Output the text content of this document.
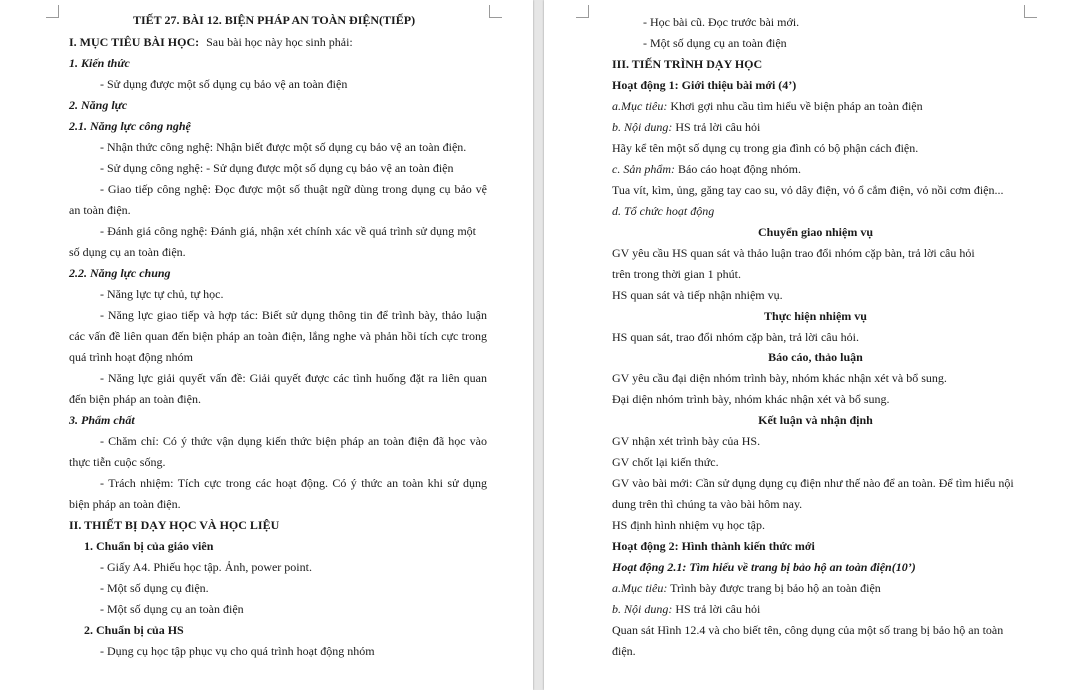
TIẾT 27. BÀI 12. BIỆN PHÁP AN TOÀN ĐIỆN(TIẾP)
I. MỤC TIÊU BÀI HỌC: Sau bài học này học sinh phải:
1. Kiến thức
- Sử dụng được một số dụng cụ bảo vệ an toàn điện
2. Năng lực
2.1. Năng lực công nghệ
- Nhận thức công nghệ: Nhận biết được một số dụng cụ bảo vệ an toàn điện.
- Sử dụng công nghệ: - Sử dụng được một số dụng cụ bảo vệ an toàn điện
- Giao tiếp công nghệ: Đọc được một số thuật ngữ dùng trong dụng cụ bảo vệ
an toàn điện.
- Đánh giá công nghệ: Đánh giá, nhận xét chính xác về quá trình sử dụng một
số dụng cụ an toàn điện.
2.2. Năng lực chung
- Năng lực tự chủ, tự học.
- Năng lực giao tiếp và hợp tác: Biết sử dụng thông tin để trình bày, thảo luận
các vấn đề liên quan đến biện pháp an toàn điện, lắng nghe và phản hồi tích cực trong
quá trình hoạt động nhóm
- Năng lực giải quyết vấn đề: Giải quyết được các tình huống đặt ra liên quan
đến biện pháp an toàn điện.
3. Phẩm chất
- Chăm chỉ: Có ý thức vận dụng kiến thức biện pháp an toàn điện đã học vào
thực tiễn cuộc sống.
- Trách nhiệm: Tích cực trong các hoạt động. Có ý thức an toàn khi sử dụng
biện pháp an toàn điện.
II. THIẾT BỊ DẠY HỌC VÀ HỌC LIỆU
1. Chuẩn bị của giáo viên
- Giấy A4. Phiếu học tập. Ảnh, power point.
- Một số dụng cụ điện.
- Một số dụng cụ an toàn điện
2. Chuẩn bị của HS
- Dụng cụ học tập phục vụ cho quá trình hoạt động nhóm
- Học bài cũ. Đọc trước bài mới.
- Một số dụng cụ an toàn điện
III. TIẾN TRÌNH DẠY HỌC
Hoạt động 1: Giới thiệu bài mới (4’)
a.Mục tiêu: Khơi gợi nhu cầu tìm hiểu về biện pháp an toàn điện
b. Nội dung: HS trả lời câu hỏi
Hãy kể tên một số dụng cụ trong gia đình có bộ phận cách điện.
c. Sản phẩm: Báo cáo hoạt động nhóm.
Tua vít, kìm, ủng, găng tay cao su, vỏ dây điện, vỏ ổ cắm điện, vỏ nồi cơm điện...
d. Tổ chức hoạt động
Chuyển giao nhiệm vụ
GV yêu cầu HS quan sát và thảo luận trao đổi nhóm cặp bàn, trả lời câu hỏi
trên trong thời gian 1 phút.
HS quan sát và tiếp nhận nhiệm vụ.
Thực hiện nhiệm vụ
HS quan sát, trao đổi nhóm cặp bàn, trả lời câu hỏi.
Báo cáo, thảo luận
GV yêu cầu đại diện nhóm trình bày, nhóm khác nhận xét và bổ sung.
Đại diện nhóm trình bày, nhóm khác nhận xét và bổ sung.
Kết luận và nhận định
GV nhận xét trình bày của HS.
GV chốt lại kiến thức.
GV vào bài mới: Cần sử dụng dụng cụ điện như thế nào để an toàn. Để tìm hiểu nội
dung trên thì chúng ta vào bài hôm nay.
HS định hình nhiệm vụ học tập.
Hoạt động 2: Hình thành kiến thức mới
Hoạt động 2.1: Tìm hiểu về trang bị bảo hộ an toàn điện(10’)
a.Mục tiêu: Trình bày được trang bị bảo hộ an toàn điện
b. Nội dung: HS trả lời câu hỏi
Quan sát Hình 12.4 và cho biết tên, công dụng của một số trang bị bảo hộ an toàn
điện.
